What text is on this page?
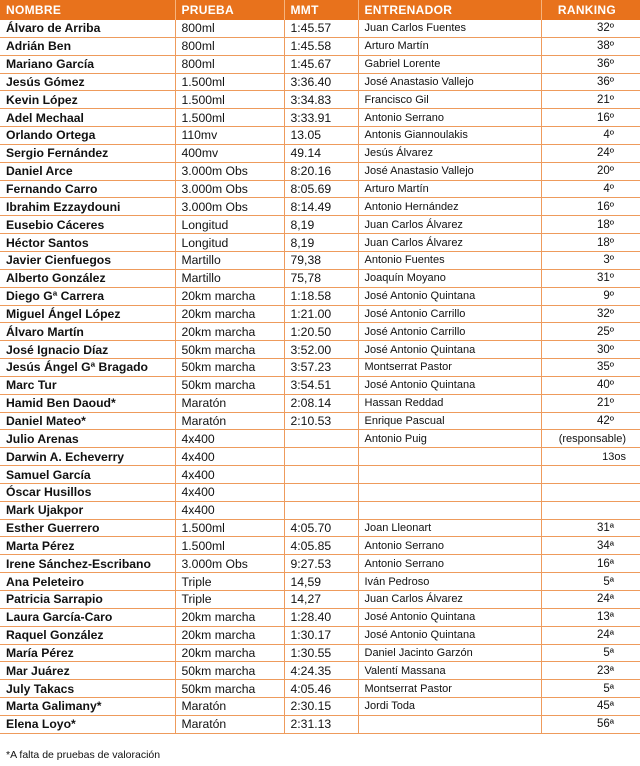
NOMBRE	PRUEBA	MMT	ENTRENADOR	RANKING
Álvaro de Arriba	800ml	1:45.57	Juan Carlos Fuentes	32º
Adrián Ben	800ml	1:45.58	Arturo Martín	38º
Mariano García	800ml	1:45.67	Gabriel Lorente	36º
Jesús Gómez	1.500ml	3:36.40	José Anastasio Vallejo	36º
Kevin López	1.500ml	3:34.83	Francisco Gil	21º
Adel Mechaal	1.500ml	3:33.91	Antonio Serrano	16º
Orlando Ortega	110mv	13.05	Antonis Giannoulakis	4º
Sergio Fernández	400mv	49.14	Jesús Álvarez	24º
Daniel Arce	3.000m Obs	8:20.16	José Anastasio Vallejo	20º
Fernando Carro	3.000m Obs	8:05.69	Arturo Martín	4º
Ibrahim Ezzaydouni	3.000m Obs	8:14.49	Antonio Hernández	16º
Eusebio Cáceres	Longitud	8,19	Juan Carlos Álvarez	18º
Héctor Santos	Longitud	8,19	Juan Carlos Álvarez	18º
Javier Cienfuegos	Martillo	79,38	Antonio Fuentes	3º
Alberto González	Martillo	75,78	Joaquín Moyano	31º
Diego Gª Carrera	20km marcha	1:18.58	José Antonio Quintana	9º
Miguel Ángel López	20km marcha	1:21.00	José Antonio Carrillo	32º
Álvaro Martín	20km marcha	1:20.50	José Antonio Carrillo	25º
José Ignacio Díaz	50km marcha	3:52.00	José Antonio Quintana	30º
Jesús Ángel Gª Bragado	50km marcha	3:57.23	Montserrat Pastor	35º
Marc Tur	50km marcha	3:54.51	José Antonio Quintana	40º
Hamid Ben Daoud*	Maratón	2:08.14	Hassan Reddad	21º
Daniel Mateo*	Maratón	2:10.53	Enrique Pascual	42º
Julio Arenas	4x400		Antonio Puig	(responsable)
Darwin A. Echeverry	4x400			13os
Samuel García	4x400			
Óscar Husillos	4x400			
Mark Ujakpor	4x400			
Esther Guerrero	1.500ml	4:05.70	Joan Lleonart	31ª
Marta Pérez	1.500ml	4:05.85	Antonio Serrano	34ª
Irene Sánchez-Escribano	3.000m Obs	9:27.53	Antonio Serrano	16ª
Ana Peleteiro	Triple	14,59	Iván Pedroso	5ª
Patricia Sarrapio	Triple	14,27	Juan Carlos Álvarez	24ª
Laura García-Caro	20km marcha	1:28.40	José Antonio Quintana	13ª
Raquel González	20km marcha	1:30.17	José Antonio Quintana	24ª
María Pérez	20km marcha	1:30.55	Daniel Jacinto Garzón	5ª
Mar Juárez	50km marcha	4:24.35	Valentí Massana	23ª
July Takacs	50km marcha	4:05.46	Montserrat Pastor	5ª
Marta Galimany*	Maratón	2:30.15	Jordi Toda	45ª
Elena Loyo*	Maratón	2:31.13		56ª
*A falta de pruebas de valoración
